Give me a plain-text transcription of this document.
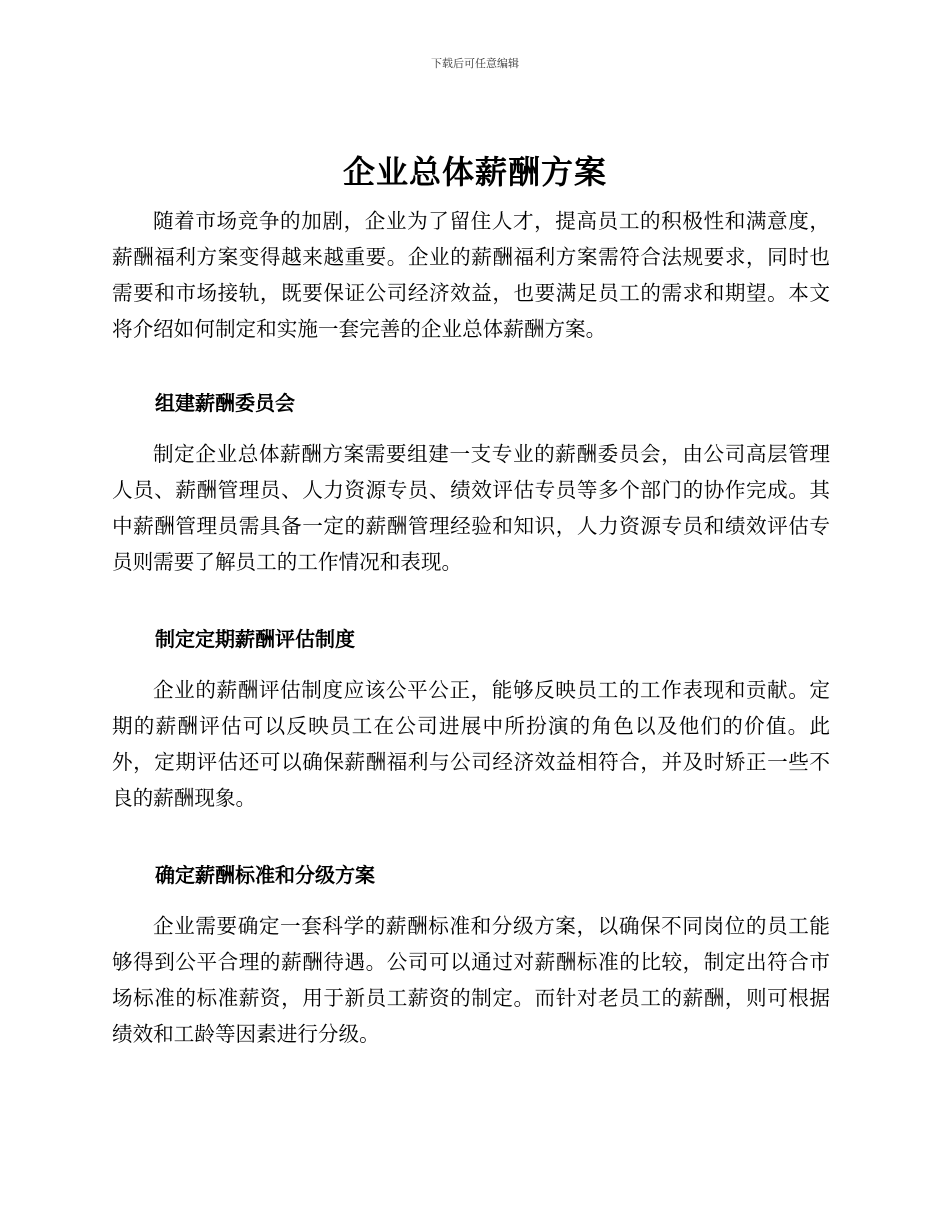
下载后可任意编辑
企业总体薪酬方案

随着市场竞争的加剧，企业为了留住人才，提高员工的积极性和满意度，薪酬福利方案变得越来越重要。企业的薪酬福利方案需符合法规要求，同时也需要和市场接轨，既要保证公司经济效益，也要满足员工的需求和期望。本文将介绍如何制定和实施一套完善的企业总体薪酬方案。

组建薪酬委员会

制定企业总体薪酬方案需要组建一支专业的薪酬委员会，由公司高层管理人员、薪酬管理员、人力资源专员、绩效评估专员等多个部门的协作完成。其中薪酬管理员需具备一定的薪酬管理经验和知识，人力资源专员和绩效评估专员则需要了解员工的工作情况和表现。

制定定期薪酬评估制度

企业的薪酬评估制度应该公平公正，能够反映员工的工作表现和贡献。定期的薪酬评估可以反映员工在公司进展中所扮演的角色以及他们的价值。此外，定期评估还可以确保薪酬福利与公司经济效益相符合，并及时矫正一些不良的薪酬现象。

确定薪酬标准和分级方案

企业需要确定一套科学的薪酬标准和分级方案，以确保不同岗位的员工能够得到公平合理的薪酬待遇。公司可以通过对薪酬标准的比较，制定出符合市场标准的标准薪资，用于新员工薪资的制定。而针对老员工的薪酬，则可根据绩效和工龄等因素进行分级。
